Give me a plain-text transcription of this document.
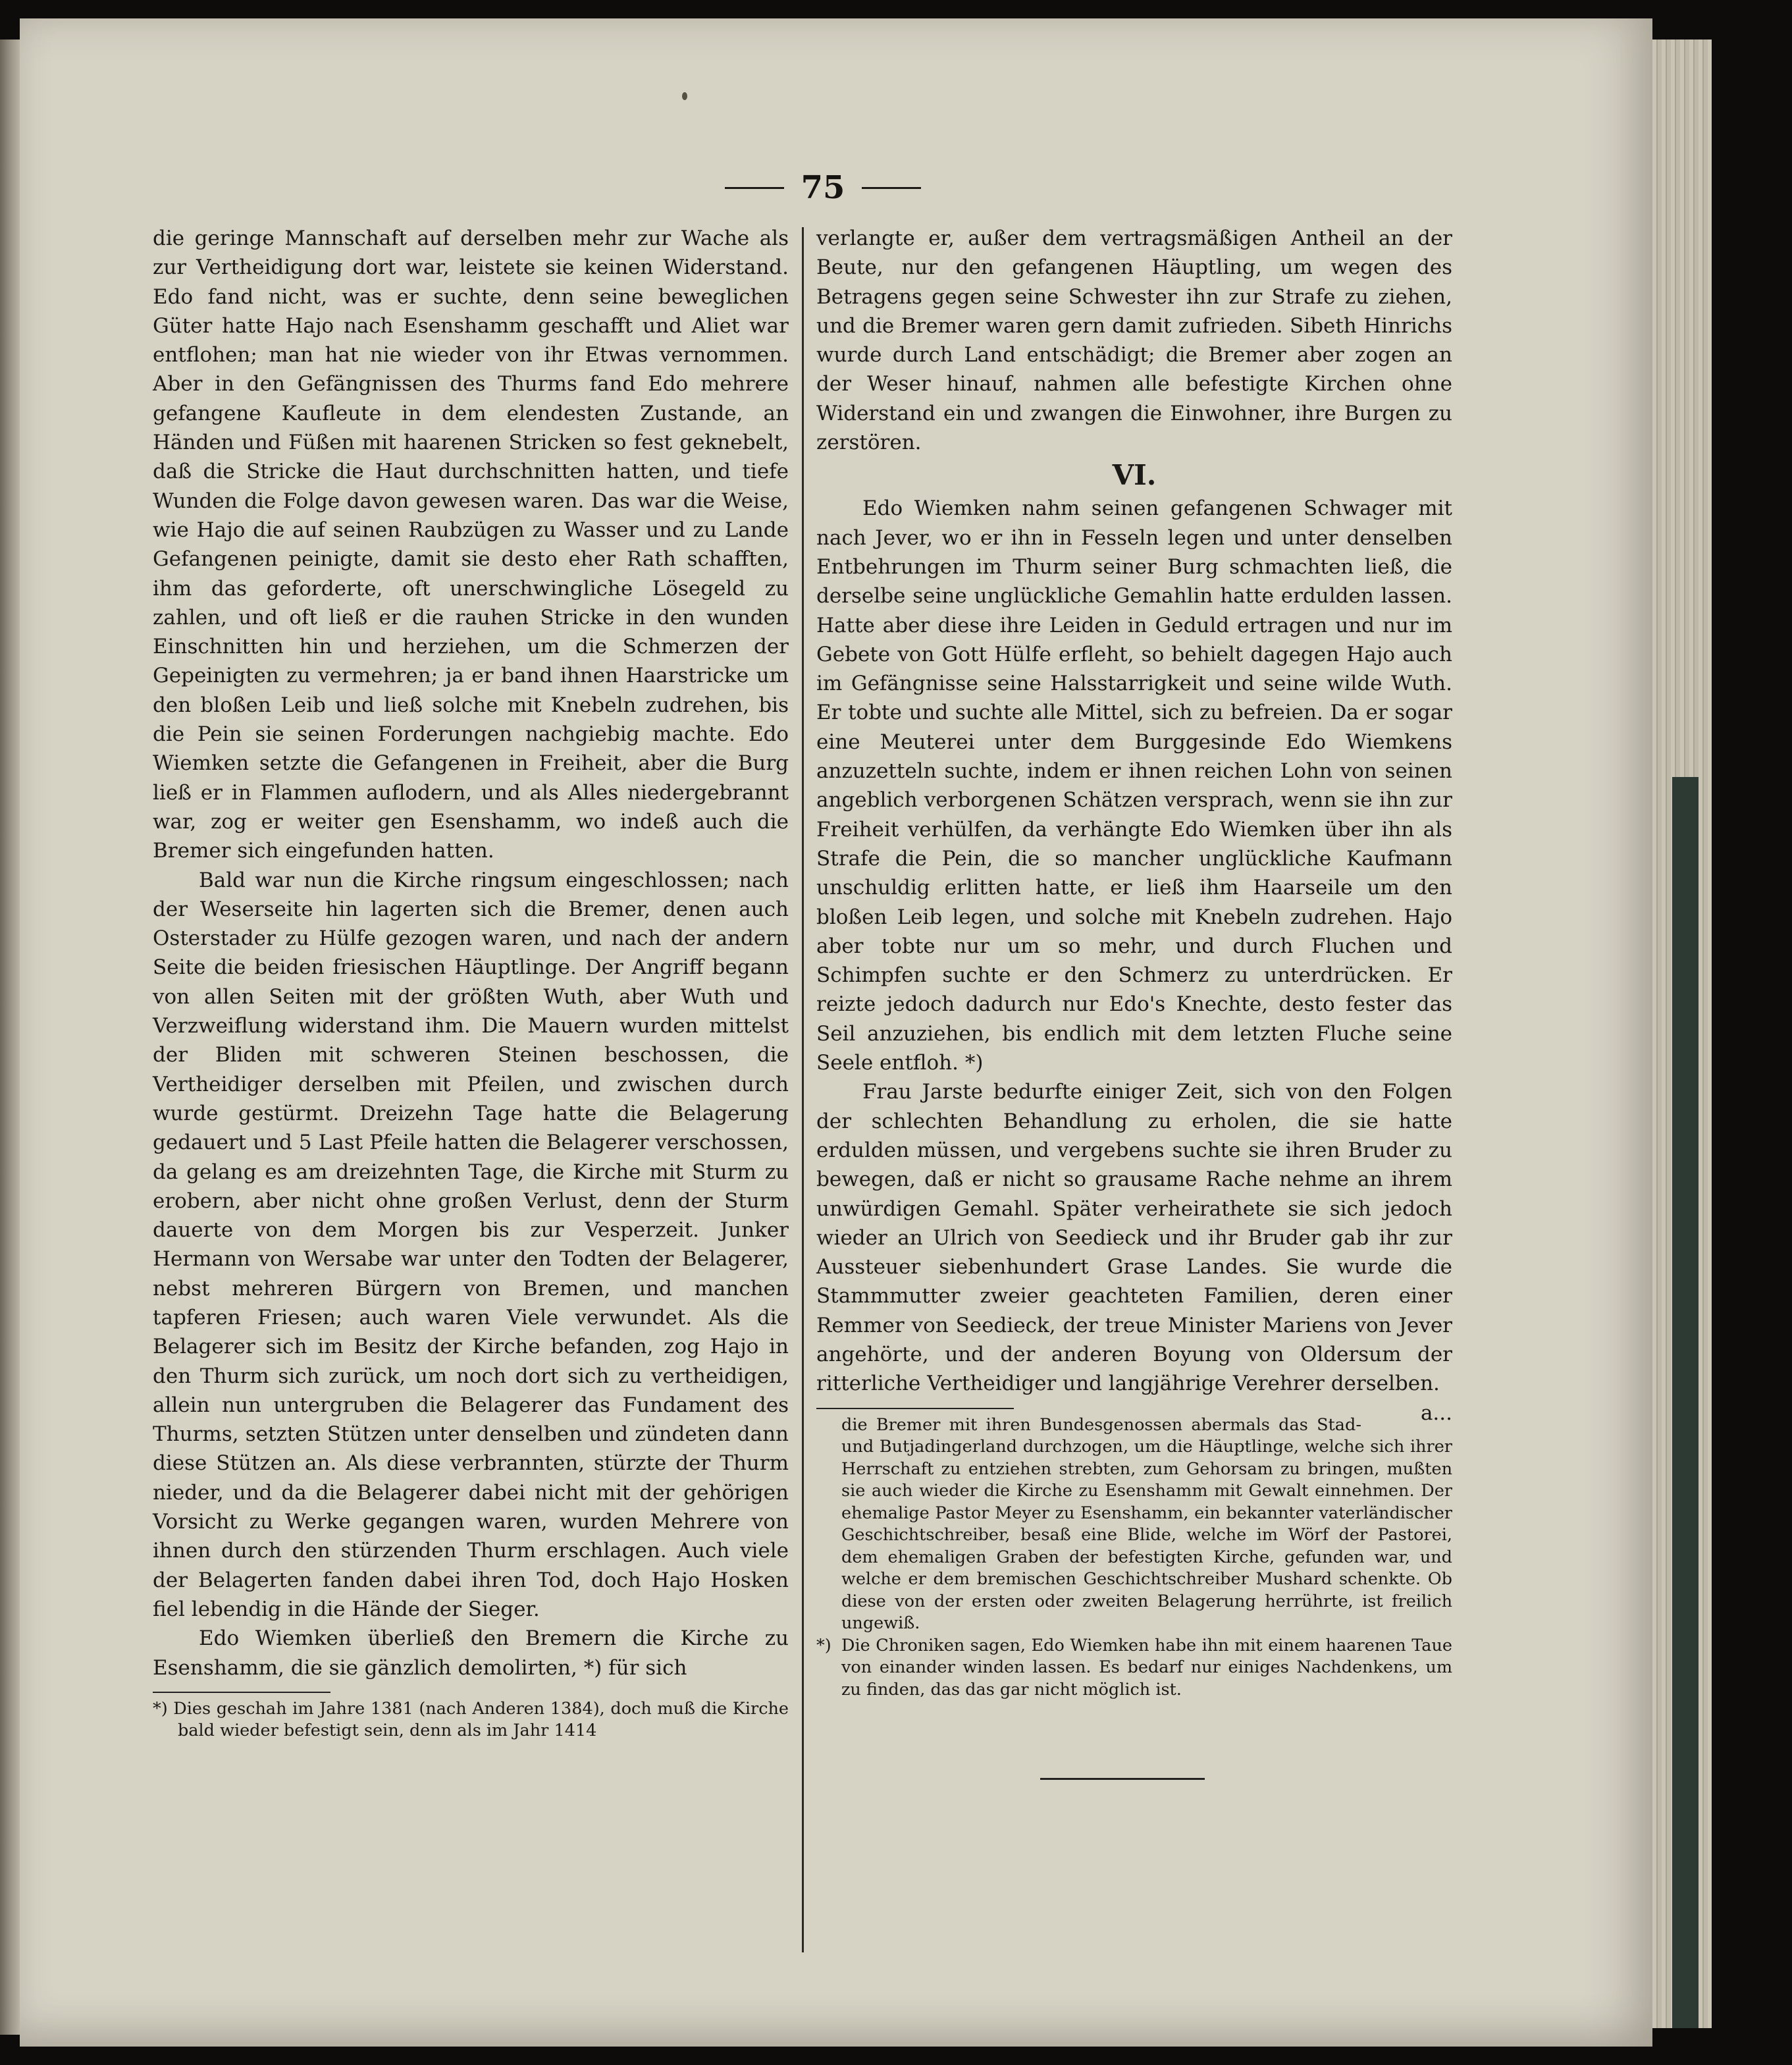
75

die geringe Mannschaft auf derselben mehr zur Wache als zur Vertheidigung dort war, leistete sie keinen Widerstand. Edo fand nicht, was er suchte, denn seine beweglichen Güter hatte Hajo nach Esenshamm geschafft und Aliet war entflohen; man hat nie wieder von ihr Etwas vernommen. Aber in den Gefängnissen des Thurms fand Edo mehrere gefangene Kaufleute in dem elendesten Zustande, an Händen und Füßen mit haarenen Stricken so fest geknebelt, daß die Stricke die Haut durchschnitten hatten, und tiefe Wunden die Folge davon gewesen waren. Das war die Weise, wie Hajo die auf seinen Raubzügen zu Wasser und zu Lande Gefangenen peinigte, damit sie desto eher Rath schafften, ihm das geforderte, oft unerschwingliche Lösegeld zu zahlen, und oft ließ er die rauhen Stricke in den wunden Einschnitten hin und herziehen, um die Schmerzen der Gepeinigten zu vermehren; ja er band ihnen Haarstricke um den bloßen Leib und ließ solche mit Knebeln zudrehen, bis die Pein sie seinen Forderungen nachgiebig machte. Edo Wiemken setzte die Gefangenen in Freiheit, aber die Burg ließ er in Flammen auflodern, und als Alles niedergebrannt war, zog er weiter gen Esenshamm, wo indeß auch die Bremer sich eingefunden hatten.

Bald war nun die Kirche ringsum eingeschlossen; nach der Weserseite hin lagerten sich die Bremer, denen auch Osterstader zu Hülfe gezogen waren, und nach der andern Seite die beiden friesischen Häuptlinge. Der Angriff begann von allen Seiten mit der größten Wuth, aber Wuth und Verzweiflung widerstand ihm. Die Mauern wurden mittelst der Bliden mit schweren Steinen beschossen, die Vertheidiger derselben mit Pfeilen, und zwischen durch wurde gestürmt. Dreizehn Tage hatte die Belagerung gedauert und 5 Last Pfeile hatten die Belagerer verschossen, da gelang es am dreizehnten Tage, die Kirche mit Sturm zu erobern, aber nicht ohne großen Verlust, denn der Sturm dauerte von dem Morgen bis zur Vesperzeit. Junker Hermann von Wersabe war unter den Todten der Belagerer, nebst mehreren Bürgern von Bremen, und manchen tapferen Friesen; auch waren Viele verwundet. Als die Belagerer sich im Besitz der Kirche befanden, zog Hajo in den Thurm sich zurück, um noch dort sich zu vertheidigen, allein nun untergruben die Belagerer das Fundament des Thurms, setzten Stützen unter denselben und zündeten dann diese Stützen an. Als diese verbrannten, stürzte der Thurm nieder, und da die Belagerer dabei nicht mit der gehörigen Vorsicht zu Werke gegangen waren, wurden Mehrere von ihnen durch den stürzenden Thurm erschlagen. Auch viele der Belagerten fanden dabei ihren Tod, doch Hajo Hosken fiel lebendig in die Hände der Sieger.

Edo Wiemken überließ den Bremern die Kirche zu Esenshamm, die sie gänzlich demolirten, *) für sich

*) Dies geschah im Jahre 1381 (nach Anderen 1384), doch muß die Kirche bald wieder befestigt sein, denn als im Jahr 1414

verlangte er, außer dem vertragsmäßigen Antheil an der Beute, nur den gefangenen Häuptling, um wegen des Betragens gegen seine Schwester ihn zur Strafe zu ziehen, und die Bremer waren gern damit zufrieden. Sibeth Hinrichs wurde durch Land entschädigt; die Bremer aber zogen an der Weser hinauf, nahmen alle befestigte Kirchen ohne Widerstand ein und zwangen die Einwohner, ihre Burgen zu zerstören.

VI.

Edo Wiemken nahm seinen gefangenen Schwager mit nach Jever, wo er ihn in Fesseln legen und unter denselben Entbehrungen im Thurm seiner Burg schmachten ließ, die derselbe seine unglückliche Gemahlin hatte erdulden lassen. Hatte aber diese ihre Leiden in Geduld ertragen und nur im Gebete von Gott Hülfe erfleht, so behielt dagegen Hajo auch im Gefängnisse seine Halsstarrigkeit und seine wilde Wuth. Er tobte und suchte alle Mittel, sich zu befreien. Da er sogar eine Meuterei unter dem Burggesinde Edo Wiemkens anzuzetteln suchte, indem er ihnen reichen Lohn von seinen angeblich verborgenen Schätzen versprach, wenn sie ihn zur Freiheit verhülfen, da verhängte Edo Wiemken über ihn als Strafe die Pein, die so mancher unglückliche Kaufmann unschuldig erlitten hatte, er ließ ihm Haarseile um den bloßen Leib legen, und solche mit Knebeln zudrehen. Hajo aber tobte nur um so mehr, und durch Fluchen und Schimpfen suchte er den Schmerz zu unterdrücken. Er reizte jedoch dadurch nur Edo's Knechte, desto fester das Seil anzuziehen, bis endlich mit dem letzten Fluche seine Seele entfloh. *)

Frau Jarste bedurfte einiger Zeit, sich von den Folgen der schlechten Behandlung zu erholen, die sie hatte erdulden müssen, und vergebens suchte sie ihren Bruder zu bewegen, daß er nicht so grausame Rache nehme an ihrem unwürdigen Gemahl. Später verheirathete sie sich jedoch wieder an Ulrich von Seedieck und ihr Bruder gab ihr zur Aussteuer siebenhundert Grase Landes. Sie wurde die Stammmutter zweier geachteten Familien, deren einer Remmer von Seedieck, der treue Minister Mariens von Jever angehörte, und der anderen Boyung von Oldersum der ritterliche Vertheidiger und langjährige Verehrer derselben.
a...

die Bremer mit ihren Bundesgenossen abermals das Stad- und Butjadingerland durchzogen, um die Häuptlinge, welche sich ihrer Herrschaft zu entziehen strebten, zum Gehorsam zu bringen, mußten sie auch wieder die Kirche zu Esenshamm mit Gewalt einnehmen. Der ehemalige Pastor Meyer zu Esenshamm, ein bekannter vaterländischer Geschichtschreiber, besaß eine Blide, welche im Wörf der Pastorei, dem ehemaligen Graben der befestigten Kirche, gefunden war, und welche er dem bremischen Geschichtschreiber Mushard schenkte. Ob diese von der ersten oder zweiten Belagerung herrührte, ist freilich ungewiß.

*) Die Chroniken sagen, Edo Wiemken habe ihn mit einem haarenen Taue von einander winden lassen. Es bedarf nur einiges Nachdenkens, um zu finden, das das gar nicht möglich ist.
